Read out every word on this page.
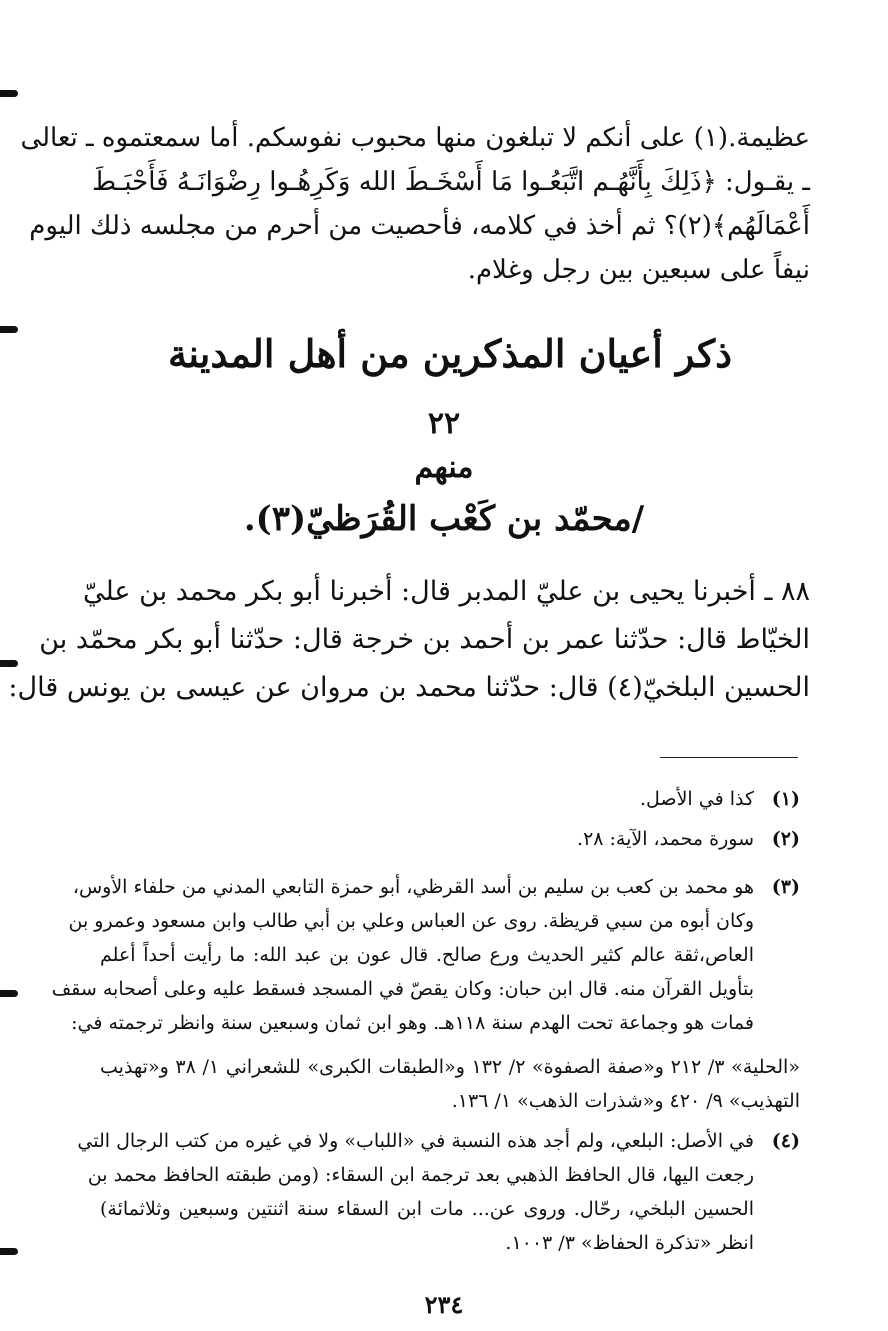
عظيمة.(١) على أنكم لا تبلغون منها محبوب نفوسكم. أما سمعتموه ـ تعالى
ـ يقـول: ﴿ذَلِكَ بِأَنَّهُـم اتَّبَعُـوا مَا أَسْخَـطَ الله وَكَرِهُـوا رِضْوَانَـهُ فَأَحْبَـطَ
أَعْمَالَهُم﴾(٢)؟ ثم أخذ في كلامه، فأحصيت من أحرم من مجلسه ذلك اليوم
نيفاً على سبعين بين رجل وغلام.
ذكر أعيان المذكرين من أهل المدينة
٢٢
منهم
/محمّد بن كَعْب القُرَظيّ(٣).
٨٨ ـ أخبرنا يحيى بن عليّ المدبر قال: أخبرنا أبو بكر محمد بن عليّ
الخيّاط قال: حدّثنا عمر بن أحمد بن خرجة قال: حدّثنا أبو بكر محمّد بن
الحسين البلخيّ(٤) قال: حدّثنا محمد بن مروان عن عيسى بن يونس قال:
(١)
كذا في الأصل.
(٢)
سورة محمد، الآية: ٢٨.
(٣)
هو محمد بن كعب بن سليم بن أسد القرظي، أبو حمزة التابعي المدني من حلفاء الأوس،
وكان أبوه من سبي قريظة. روى عن العباس وعلي بن أبي طالب وابن مسعود وعمرو بن
العاص،ثقة عالم كثير الحديث ورع صالح. قال عون بن عبد الله: ما رأيت أحداً أعلم
بتأويل القرآن منه. قال ابن حبان: وكان يقصّ في المسجد فسقط عليه وعلى أصحابه سقف
فمات هو وجماعة تحت الهدم سنة ١١٨هـ. وهو ابن ثمان وسبعين سنة وانظر ترجمته في:
«الحلية» ٣/ ٢١٢ و«صفة الصفوة» ٢/ ١٣٢ و«الطبقات الكبرى» للشعراني ١/ ٣٨ و«تهذيب
التهذيب» ٩/ ٤٢٠ و«شذرات الذهب» ١/ ١٣٦.
(٤)
في الأصل: البلعي، ولم أجد هذه النسبة في «اللباب» ولا في غيره من كتب الرجال التي
رجعت اليها، قال الحافظ الذهبي بعد ترجمة ابن السقاء: (ومن طبقته الحافظ محمد بن
الحسين البلخي، رحّال. وروى عن... مات ابن السقاء سنة اثنتين وسبعين وثلاثمائة)
انظر «تذكرة الحفاظ» ٣/ ١٠٠٣.
٢٣٤
